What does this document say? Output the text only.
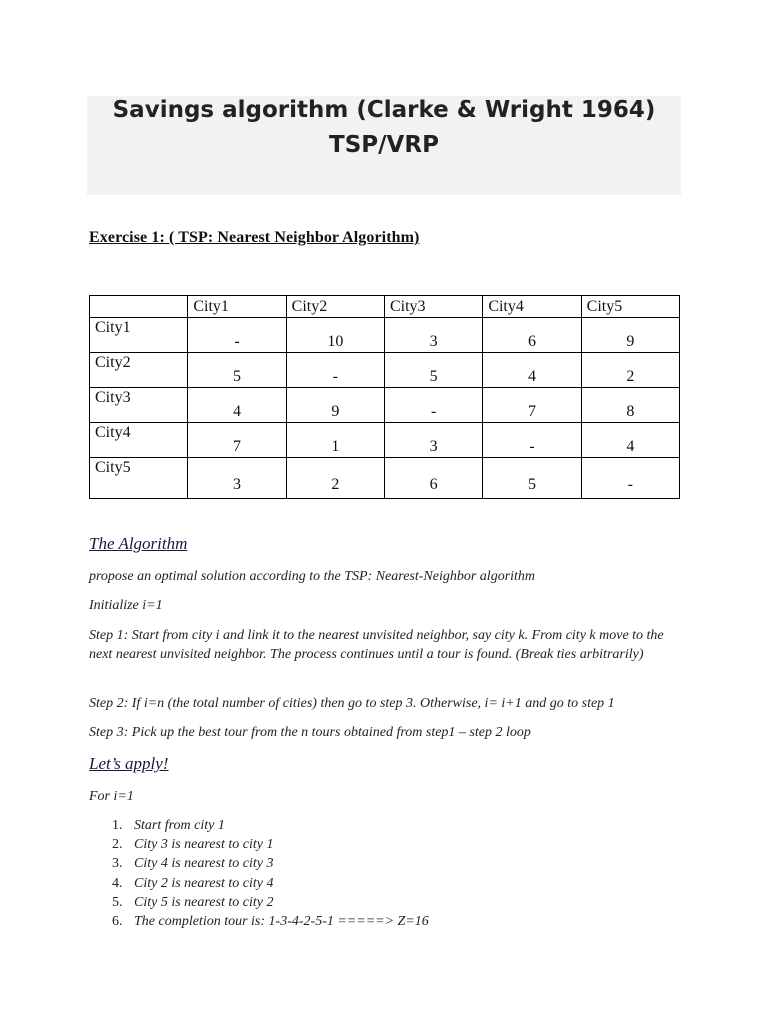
Savings algorithm (Clarke & Wright 1964)
TSP/VRP
Exercise 1: ( TSP: Nearest Neighbor Algorithm)
	City1	City2	City3	City4	City5
City1	-	10	3	6	9
City2	5	-	5	4	2
City3	4	9	-	7	8
City4	7	1	3	-	4
City5	3	2	6	5	-
The Algorithm
propose an optimal solution according to the TSP: Nearest-Neighbor algorithm
Initialize i=1
Step 1: Start from city i and link it to the nearest unvisited neighbor, say city k. From city k move to the next nearest unvisited neighbor. The process continues until a tour is found. (Break ties arbitrarily)
Step 2: If i=n (the total number of cities) then go to step 3. Otherwise, i= i+1 and go to step 1
Step 3: Pick up the best tour from the n tours obtained from step1 – step 2 loop
Let’s apply!
For i=1
1. Start from city 1
2. City 3 is nearest to city 1
3. City 4 is nearest to city 3
4. City 2 is nearest to city 4
5. City 5 is nearest to city 2
6. The completion tour is: 1-3-4-2-5-1 =====> Z=16
